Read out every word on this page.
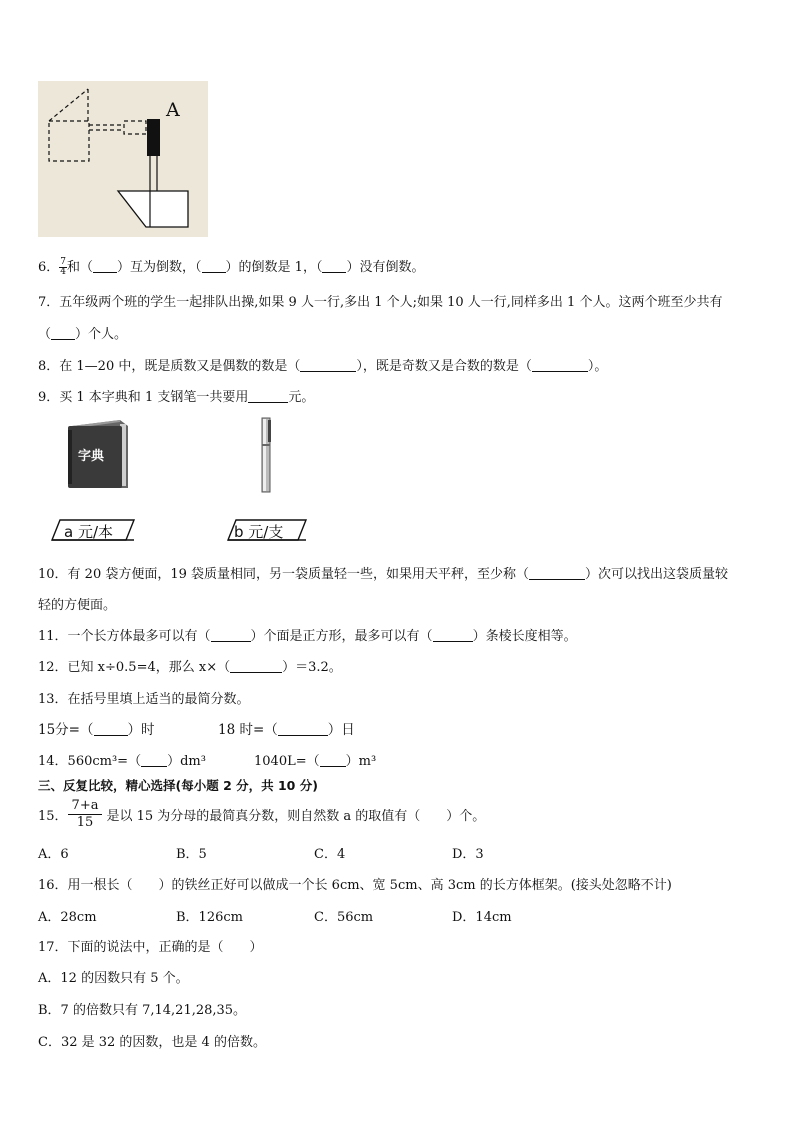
A
6． $\frac{7}{4}$ 和（ ）互为倒数，（ ）的倒数是 1，（ ）没有倒数。
7．五年级两个班的学生一起排队出操,如果 9 人一行,多出 1 个人;如果 10 人一行,同样多出 1 个人。这两个班至少共有
（ ）个人。
8．在 1—20 中，既是质数又是偶数的数是（	），既是奇数又是合数的数是（	）。
9．买 1 本字典和 1 支钢笔一共要用	元。
字典
a 元/本	b 元/支
10．有 20 袋方便面，19 袋质量相同，另一袋质量轻一些，如果用天平秤，至少称（	）次可以找出这袋质量较
轻的方便面。
11．一个长方体最多可以有（	）个面是正方形，最多可以有（	）条棱长度相等。
12．已知 x÷0.5=4，那么 x×（	）＝3.2。
13．在括号里填上适当的最简分数。
15分=（	）时	18 时=（	）日
14．560cm³=（ ）dm³	1040L=（ ）m³
三、反复比较，精心选择(每小题 2 分，共 10 分)
15． $\frac{7+a}{15}$ 是以 15 为分母的最简真分数，则自然数 a 的取值有（　　）个。
A．6	B．5	C．4	D．3
16．用一根长（　　）的铁丝正好可以做成一个长 6cm、宽 5cm、高 3cm 的长方体框架。(接头处忽略不计)
A．28cm	B．126cm	C．56cm	D．14cm
17．下面的说法中，正确的是（　　）
A．12 的因数只有 5 个。
B．7 的倍数只有 7,14,21,28,35。
C．32 是 32 的因数，也是 4 的倍数。
